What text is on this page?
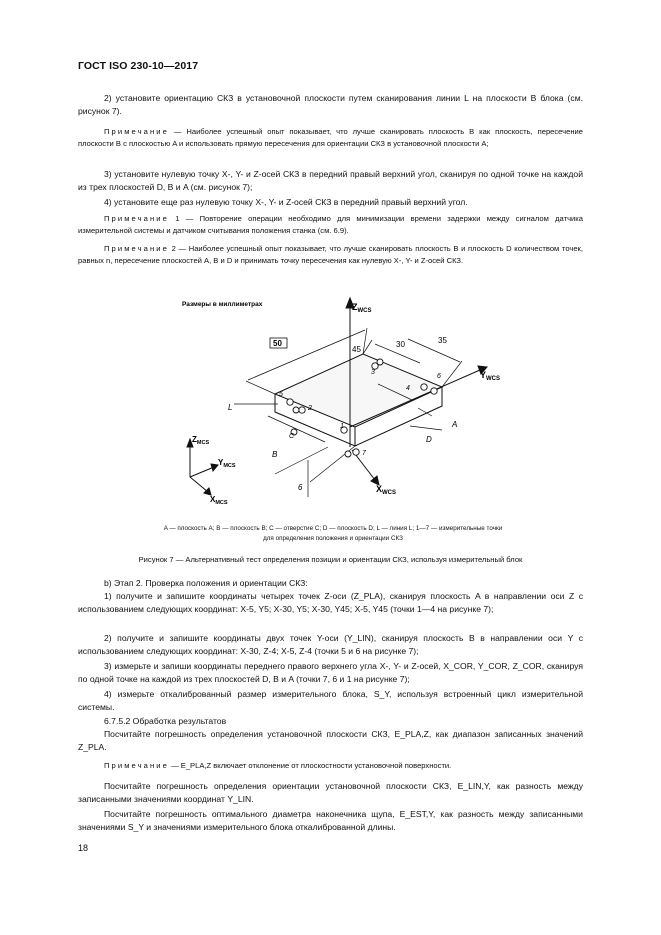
ГОСТ ISO 230-10—2017
2) установите ориентацию СКЗ в установочной плоскости путем сканирования линии L на плоскости B блока (см. рисунок 7).
Примечание — Наиболее успешный опыт показывает, что лучше сканировать плоскость B как плоскость, пересечение плоскости B с плоскостью A и использовать прямую пересечения для ориентации СКЗ в установочной плоскости A;
3) установите нулевую точку X-, Y- и Z-осей СКЗ в передний правый верхний угол, сканируя по одной точке на каждой из трех плоскостей D, B и A (см. рисунок 7);
4) установите еще раз нулевую точку X-, Y- и Z-осей СКЗ в передний правый верхний угол.
Примечание 1 — Повторение операции необходимо для минимизации времени задержки между сигналом датчика измерительной системы и датчиком считывания положения станка (см. 6.9).
Примечание 2 — Наиболее успешный опыт показывает, что лучше сканировать плоскость B и плоскость D количеством точек, равных n, пересечение плоскостей A, B и D и принимать точку пересечения как нулевую X-, Y- и Z-осей СКЗ.
Размеры в миллиметрах	$Z_{WCS}$
$Y_{WCS}$
$X_{WCS}$
$Z_{MCS}$
$Y_{MCS}$
$X_{MCS}$
50
45
30	35
6
A
B
D
L
1
2
3
4
5
6
7
C
A — плоскость A; B — плоскость B; C — отверстие C; D — плоскость D; L — линия L; 1—7 — измерительные точки
для определения положения и ориентации СКЗ
Рисунок 7 — Альтернативный тест определения позиции и ориентации СКЗ, используя измерительный блок
b) Этап 2. Проверка положения и ориентации СКЗ:
1) получите и запишите координаты четырех точек Z-оси (Z_PLA), сканируя плоскость A в направлении оси Z с использованием следующих координат: X-5, Y5; X-30, Y5; X-30, Y45; X-5, Y45 (точки 1—4 на рисунке 7);
2) получите и запишите координаты двух точек Y-оси (Y_LIN), сканируя плоскость B в направлении оси Y с использованием следующих координат: X-30, Z-4; X-5, Z-4 (точки 5 и 6 на рисунке 7);
3) измерьте и запиши координаты переднего правого верхнего угла X-, Y- и Z-осей, X_COR, Y_COR, Z_COR, сканируя по одной точке на каждой из трех плоскостей D, B и A (точки 7, 6 и 1 на рисунке 7);
4) измерьте откалиброванный размер измерительного блока, S_Y, используя встроенный цикл измерительной системы.
6.7.5.2 Обработка результатов
Посчитайте погрешность определения установочной плоскости СКЗ, E_PLA,Z, как диапазон записанных значений Z_PLA.
Примечание — E_PLA,Z включает отклонение от плоскостности установочной поверхности.
Посчитайте погрешность определения ориентации установочной плоскости СКЗ, E_LIN,Y, как разность между записанными значениями координат Y_LIN.
Посчитайте погрешность оптимального диаметра наконечника щупа, E_EST,Y, как разность между записанными значениями S_Y и значениями измерительного блока откалиброванной длины.
18
